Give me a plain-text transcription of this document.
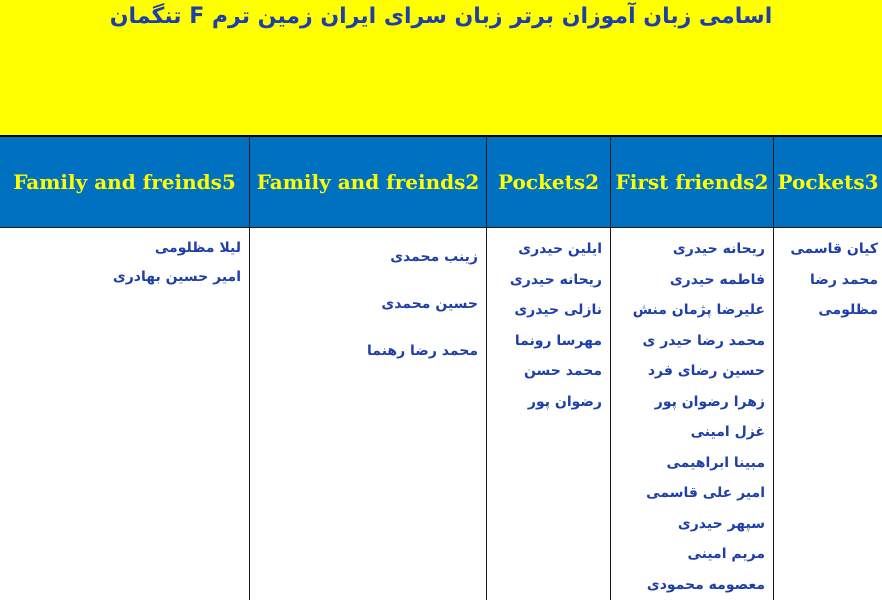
اسامی زبان آموزان برتر زبان سرای ایران زمین ترم F تنگمان
Family and freinds5	Family and freinds2 Pockets2 First friends2 Pockets3
لیلا مظلومی
امیر حسین بهادری
زینب محمدی
حسین محمدی
محمد رضا رهنما
ایلین حیدری
ریحانه حیدری
نازلی حیدری
مهرسا رونما
محمد حسن
رضوان پور
ریحانه حیدری
فاطمه حیدری
علیرضا پژمان منش
محمد رضا حیدر ی
حسین رضای فرد
زهرا رضوان پور
غزل امینی
مبینا ابراهیمی
امیر علی قاسمی
سپهر حیدری
مریم امینی
معصومه محمودی
کیان قاسمی
محمد رضا
مظلومی
